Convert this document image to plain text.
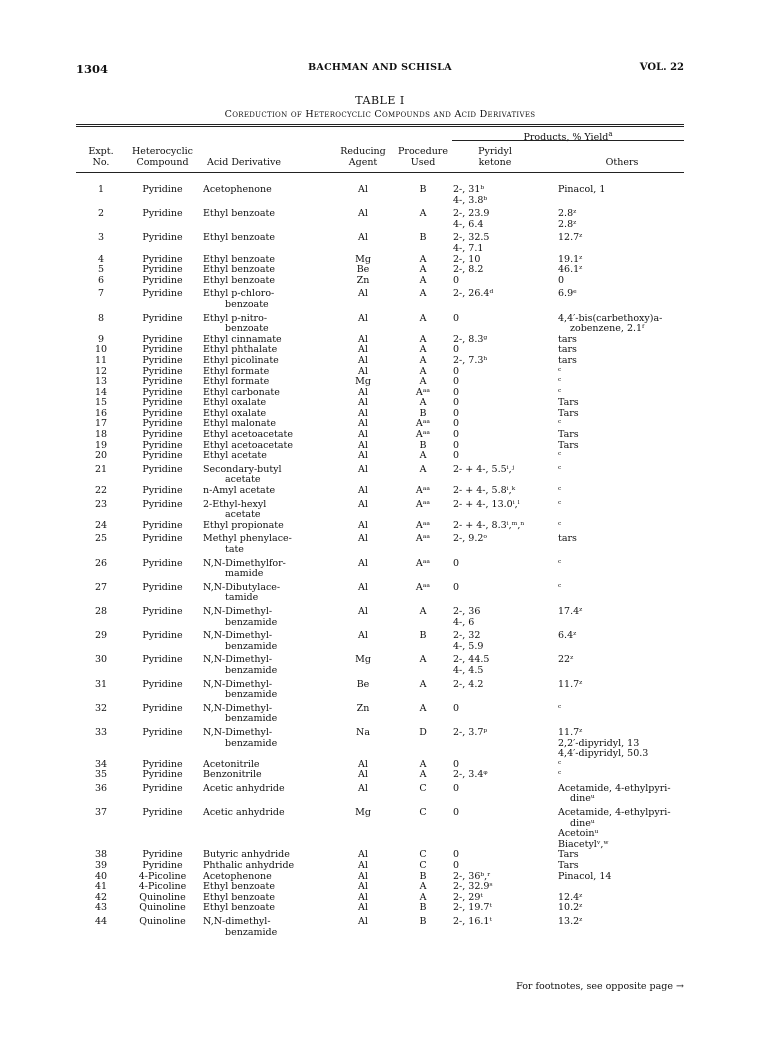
1304	BACHMAN AND SCHISLA	VOL. 22
TABLE I
Coreduction of Heterocyclic Compounds and Acid Derivatives
Products, % Yield$^a$
Expt.
No.
Heterocyclic
Compound	Acid Derivative
Reducing
Agent
Procedure
Used
Pyridyl
ketone	Others
1	Pyridine	Acetophenone	Al	B	2-, 31ᵇ
4-, 3.8ᵇ	Pinacol, 1

2	Pyridine	Ethyl benzoate	Al	A	2-, 23.9
4-, 6.4	2.8ᶻ
2.8ᶻ

3	Pyridine	Ethyl benzoate	Al	B	2-, 32.5
4-, 7.1	12.7ᶻ

4	Pyridine	Ethyl benzoate	Mg	A	2-, 10	19.1ᶻ

5	Pyridine	Ethyl benzoate	Be	A	2-, 8.2	46.1ᶻ

6	Pyridine	Ethyl benzoate	Zn	A	0	0

7	Pyridine	Ethyl p-chloro-
benzoate	Al	A	2-, 26.4ᵈ	6.9ᵉ

8	Pyridine	Ethyl p-nitro-
benzoate	Al	A	0	4,4′-bis(carbethoxy)a-
zobenzene, 2.1ᶠ

9	Pyridine	Ethyl cinnamate	Al	A	2-, 8.3ᵍ	tars

10	Pyridine	Ethyl phthalate	Al	A	0	tars

11	Pyridine	Ethyl picolinate	Al	A	2-, 7.3ʰ	tars

12	Pyridine	Ethyl formate	Al	A	0	ᶜ

13	Pyridine	Ethyl formate	Mg	A	0	ᶜ

14	Pyridine	Ethyl carbonate	Al	Aᵃᵃ	0	ᶜ

15	Pyridine	Ethyl oxalate	Al	A	0	Tars

16	Pyridine	Ethyl oxalate	Al	B	0	Tars

17	Pyridine	Ethyl malonate	Al	Aᵃᵃ	0	ᶜ

18	Pyridine	Ethyl acetoacetate	Al	Aᵃᵃ	0	Tars

19	Pyridine	Ethyl acetoacetate	Al	B	0	Tars

20	Pyridine	Ethyl acetate	Al	A	0	ᶜ

21	Pyridine	Secondary-butyl
acetate	Al	A	2- + 4-, 5.5ⁱ,ʲ	ᶜ

22	Pyridine	n-Amyl acetate	Al	Aᵃᵃ	2- + 4-, 5.8ⁱ,ᵏ	ᶜ

23	Pyridine	2-Ethyl-hexyl
acetate	Al	Aᵃᵃ	2- + 4-, 13.0ⁱ,ˡ	ᶜ

24	Pyridine	Ethyl propionate	Al	Aᵃᵃ	2- + 4-, 8.3ⁱ,ᵐ,ⁿ	ᶜ

25	Pyridine	Methyl phenylace-
tate	Al	Aᵃᵃ	2-, 9.2ᵒ	tars

26	Pyridine	N,N-Dimethylfor-
mamide	Al	Aᵃᵃ	0	ᶜ

27	Pyridine	N,N-Dibutylace-
tamide	Al	Aᵃᵃ	0	ᶜ

28	Pyridine	N,N-Dimethyl-
benzamide	Al	A	2-, 36
4-, 6	17.4ᶻ

29	Pyridine	N,N-Dimethyl-
benzamide	Al	B	2-, 32
4-, 5.9	6.4ᶻ

30	Pyridine	N,N-Dimethyl-
benzamide	Mg	A	2-, 44.5
4-, 4.5	22ᶻ

31	Pyridine	N,N-Dimethyl-
benzamide	Be	A	2-, 4.2	11.7ᶻ

32	Pyridine	N,N-Dimethyl-
benzamide	Zn	A	0	ᶜ

33	Pyridine	N,N-Dimethyl-
benzamide	Na	D	2-, 3.7ᵖ	11.7ᶻ
2,2′-dipyridyl, 13
4,4′-dipyridyl, 50.3

34	Pyridine	Acetonitrile	Al	A	0	ᶜ

35	Pyridine	Benzonitrile	Al	A	2-, 3.4ᵠ	ᶜ

36	Pyridine	Acetic anhydride	Al	C	0	Acetamide, 4-ethylpyri-
dineᵘ

37	Pyridine	Acetic anhydride	Mg	C	0	Acetamide, 4-ethylpyri-
dineᵘ
Acetoinᵘ
Biacetylᵛ,ʷ

38	Pyridine	Butyric anhydride	Al	C	0	Tars

39	Pyridine	Phthalic anhydride	Al	C	0	Tars

40	4-Picoline	Acetophenone	Al	B	2-, 36ᵇ,ʳ	Pinacol, 14

41	4-Picoline	Ethyl benzoate	Al	A	2-, 32.9ˢ	

42	Quinoline	Ethyl benzoate	Al	A	2-, 29ᵗ	12.4ᶻ

43	Quinoline	Ethyl benzoate	Al	B	2-, 19.7ᵗ	10.2ᶻ

44	Quinoline	N,N-dimethyl-
benzamide	Al	B	2-, 16.1ᵗ	13.2ᶻ
For footnotes, see opposite page →
